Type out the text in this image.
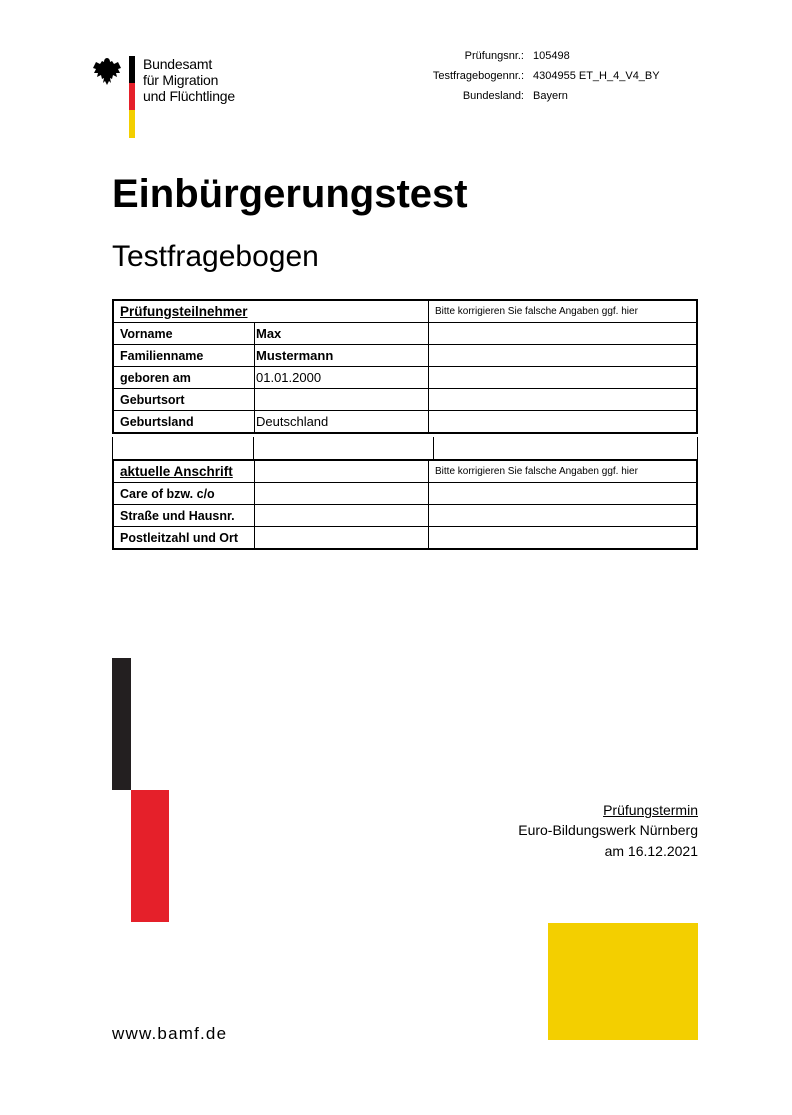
Bundesamt
für Migration
und Flüchtlinge
Prüfungsnr.: 105498
Testfragebogennr.: 4304955 ET_H_4_V4_BY
Bundesland: Bayern
Einbürgerungstest
Testfragebogen
Prüfungsteilnehmer		Bitte korrigieren Sie falsche Angaben ggf. hier
Vorname	Max	
Familienname	Mustermann	
geboren am	01.01.2000	
Geburtsort		
Geburtsland	Deutschland	
aktuelle Anschrift		Bitte korrigieren Sie falsche Angaben ggf. hier
Care of bzw. c/o		
Straße und Hausnr.		
Postleitzahl und Ort		
Prüfungstermin
Euro-Bildungswerk Nürnberg
am 16.12.2021
www.bamf.de
